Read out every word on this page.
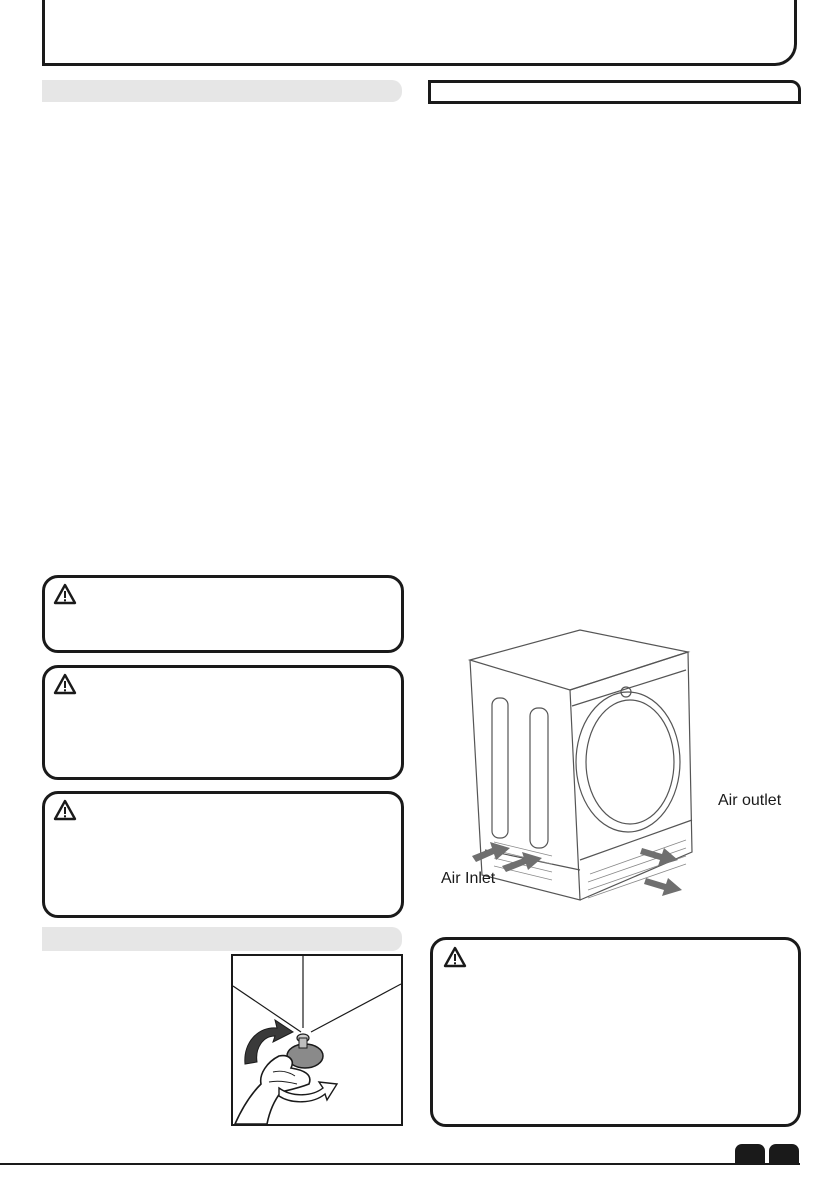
Air outlet
Air Inlet
